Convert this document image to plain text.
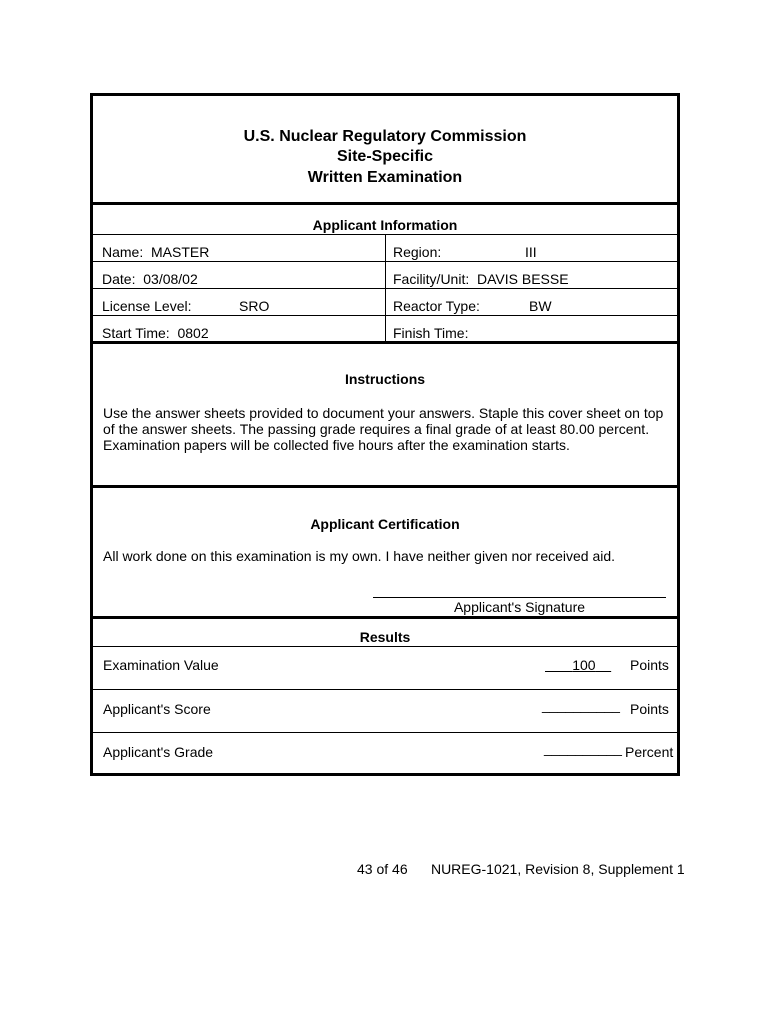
U.S. Nuclear Regulatory Commission
Site-Specific
Written Examination
Applicant Information
Name: MASTER	Region:	III
Date: 03/08/02	Facility/Unit: DAVIS BESSE
License Level:	SRO	Reactor Type:	BW
Start Time: 0802	Finish Time:
Instructions
Use the answer sheets provided to document your answers. Staple this cover sheet on top of the answer sheets. The passing grade requires a final grade of at least 80.00 percent. Examination papers will be collected five hours after the examination starts.
Applicant Certification
All work done on this examination is my own. I have neither given nor received aid.
Applicant's Signature
Results
Examination Value	100	Points
Applicant's Score	__________ Points
Applicant's Grade	__________ Percent
43 of 46 NUREG-1021, Revision 8, Supplement 1
